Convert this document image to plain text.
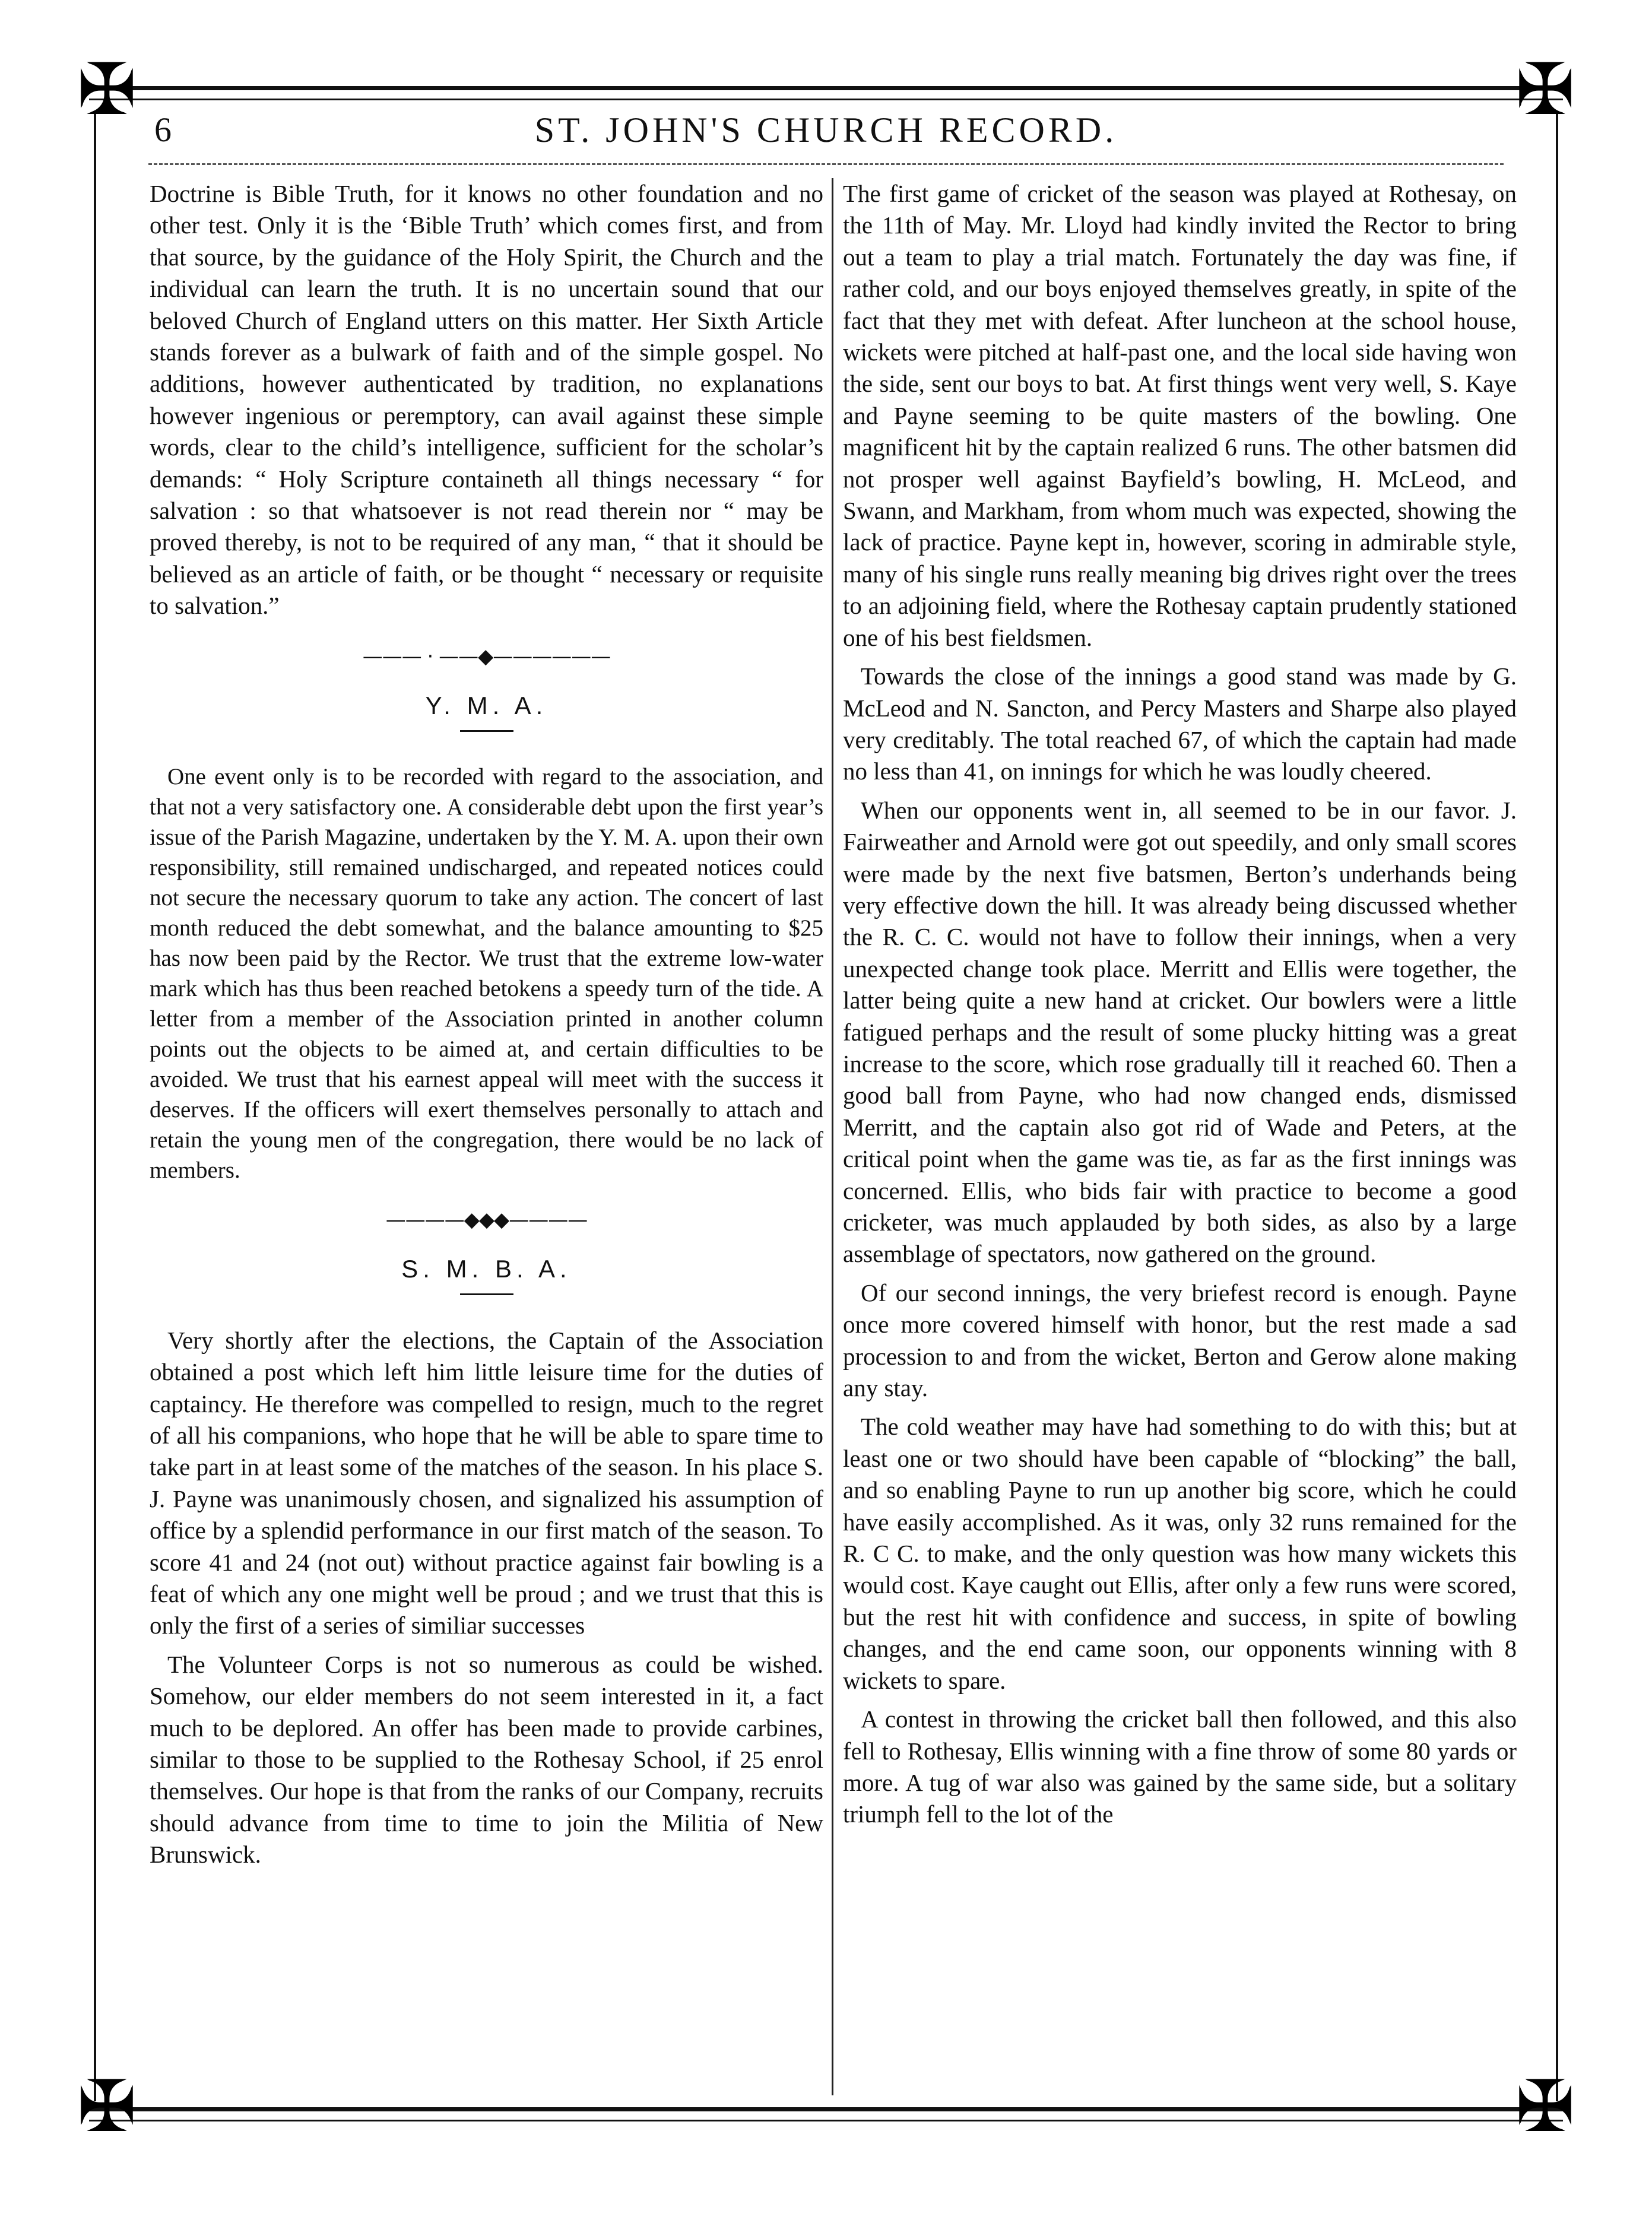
✠	✠
✠	✠
6	ST. JOHN'S CHURCH RECORD.

Doctrine is Bible Truth, for it knows no other foundation and no other test. Only it is the ‘Bible Truth’ which comes first, and from that source, by the guidance of the Holy Spirit, the Church and the individual can learn the truth. It is no uncertain sound that our beloved Church of England utters on this matter. Her Sixth Article stands forever as a bulwark of faith and of the simple gospel. No additions, however authenticated by tradition, no explanations however ingenious or peremptory, can avail against these simple words, clear to the child’s intelligence, sufficient for the scholar’s demands: “ Holy Scripture containeth all things necessary “ for salvation : so that whatsoever is not read therein nor “ may be proved thereby, is not to be required of any man, “ that it should be believed as an article of faith, or be thought “ necessary or requisite to salvation.”

——— · ——◆——————
Y. M. A.

One event only is to be recorded with regard to the association, and that not a very satisfactory one. A considerable debt upon the first year’s issue of the Parish Magazine, undertaken by the Y. M. A. upon their own responsibility, still remained undischarged, and repeated notices could not secure the necessary quorum to take any action. The concert of last month reduced the debt somewhat, and the balance amounting to $25 has now been paid by the Rector. We trust that the extreme low-water mark which has thus been reached betokens a speedy turn of the tide. A letter from a member of the Association printed in another column points out the objects to be aimed at, and certain difficulties to be avoided. We trust that his earnest appeal will meet with the success it deserves. If the officers will exert themselves personally to attach and retain the young men of the congregation, there would be no lack of members.

————◆◆◆————
S. M. B. A.

Very shortly after the elections, the Captain of the Association obtained a post which left him little leisure time for the duties of captaincy. He therefore was compelled to resign, much to the regret of all his companions, who hope that he will be able to spare time to take part in at least some of the matches of the season. In his place S. J. Payne was unanimously chosen, and signalized his assumption of office by a splendid performance in our first match of the season. To score 41 and 24 (not out) without practice against fair bowling is a feat of which any one might well be proud ; and we trust that this is only the first of a series of similiar successes

The Volunteer Corps is not so numerous as could be wished. Somehow, our elder members do not seem interested in it, a fact much to be deplored. An offer has been made to provide carbines, similar to those to be supplied to the Rothesay School, if 25 enrol themselves. Our hope is that from the ranks of our Company, recruits should advance from time to time to join the Militia of New Brunswick.

The first game of cricket of the season was played at Rothesay, on the 11th of May. Mr. Lloyd had kindly invited the Rector to bring out a team to play a trial match. Fortunately the day was fine, if rather cold, and our boys enjoyed themselves greatly, in spite of the fact that they met with defeat. After luncheon at the school house, wickets were pitched at half-past one, and the local side having won the side, sent our boys to bat. At first things went very well, S. Kaye and Payne seeming to be quite masters of the bowling. One magnificent hit by the captain realized 6 runs. The other batsmen did not prosper well against Bayfield’s bowling, H. McLeod, and Swann, and Markham, from whom much was expected, showing the lack of practice. Payne kept in, however, scoring in admirable style, many of his single runs really meaning big drives right over the trees to an adjoining field, where the Rothesay captain prudently stationed one of his best fieldsmen.

Towards the close of the innings a good stand was made by G. McLeod and N. Sancton, and Percy Masters and Sharpe also played very creditably. The total reached 67, of which the captain had made no less than 41, on innings for which he was loudly cheered.

When our opponents went in, all seemed to be in our favor. J. Fairweather and Arnold were got out speedily, and only small scores were made by the next five batsmen, Berton’s underhands being very effective down the hill. It was already being discussed whether the R. C. C. would not have to follow their innings, when a very unexpected change took place. Merritt and Ellis were together, the latter being quite a new hand at cricket. Our bowlers were a little fatigued perhaps and the result of some plucky hitting was a great increase to the score, which rose gradually till it reached 60. Then a good ball from Payne, who had now changed ends, dismissed Merritt, and the captain also got rid of Wade and Peters, at the critical point when the game was tie, as far as the first innings was concerned. Ellis, who bids fair with practice to become a good cricketer, was much applauded by both sides, as also by a large assemblage of spectators, now gathered on the ground.

Of our second innings, the very briefest record is enough. Payne once more covered himself with honor, but the rest made a sad procession to and from the wicket, Berton and Gerow alone making any stay.

The cold weather may have had something to do with this; but at least one or two should have been capable of “blocking” the ball, and so enabling Payne to run up another big score, which he could have easily accomplished. As it was, only 32 runs remained for the R. C C. to make, and the only question was how many wickets this would cost. Kaye caught out Ellis, after only a few runs were scored, but the rest hit with confidence and success, in spite of bowling changes, and the end came soon, our opponents winning with 8 wickets to spare.

A contest in throwing the cricket ball then followed, and this also fell to Rothesay, Ellis winning with a fine throw of some 80 yards or more. A tug of war also was gained by the same side, but a solitary triumph fell to the lot of the
